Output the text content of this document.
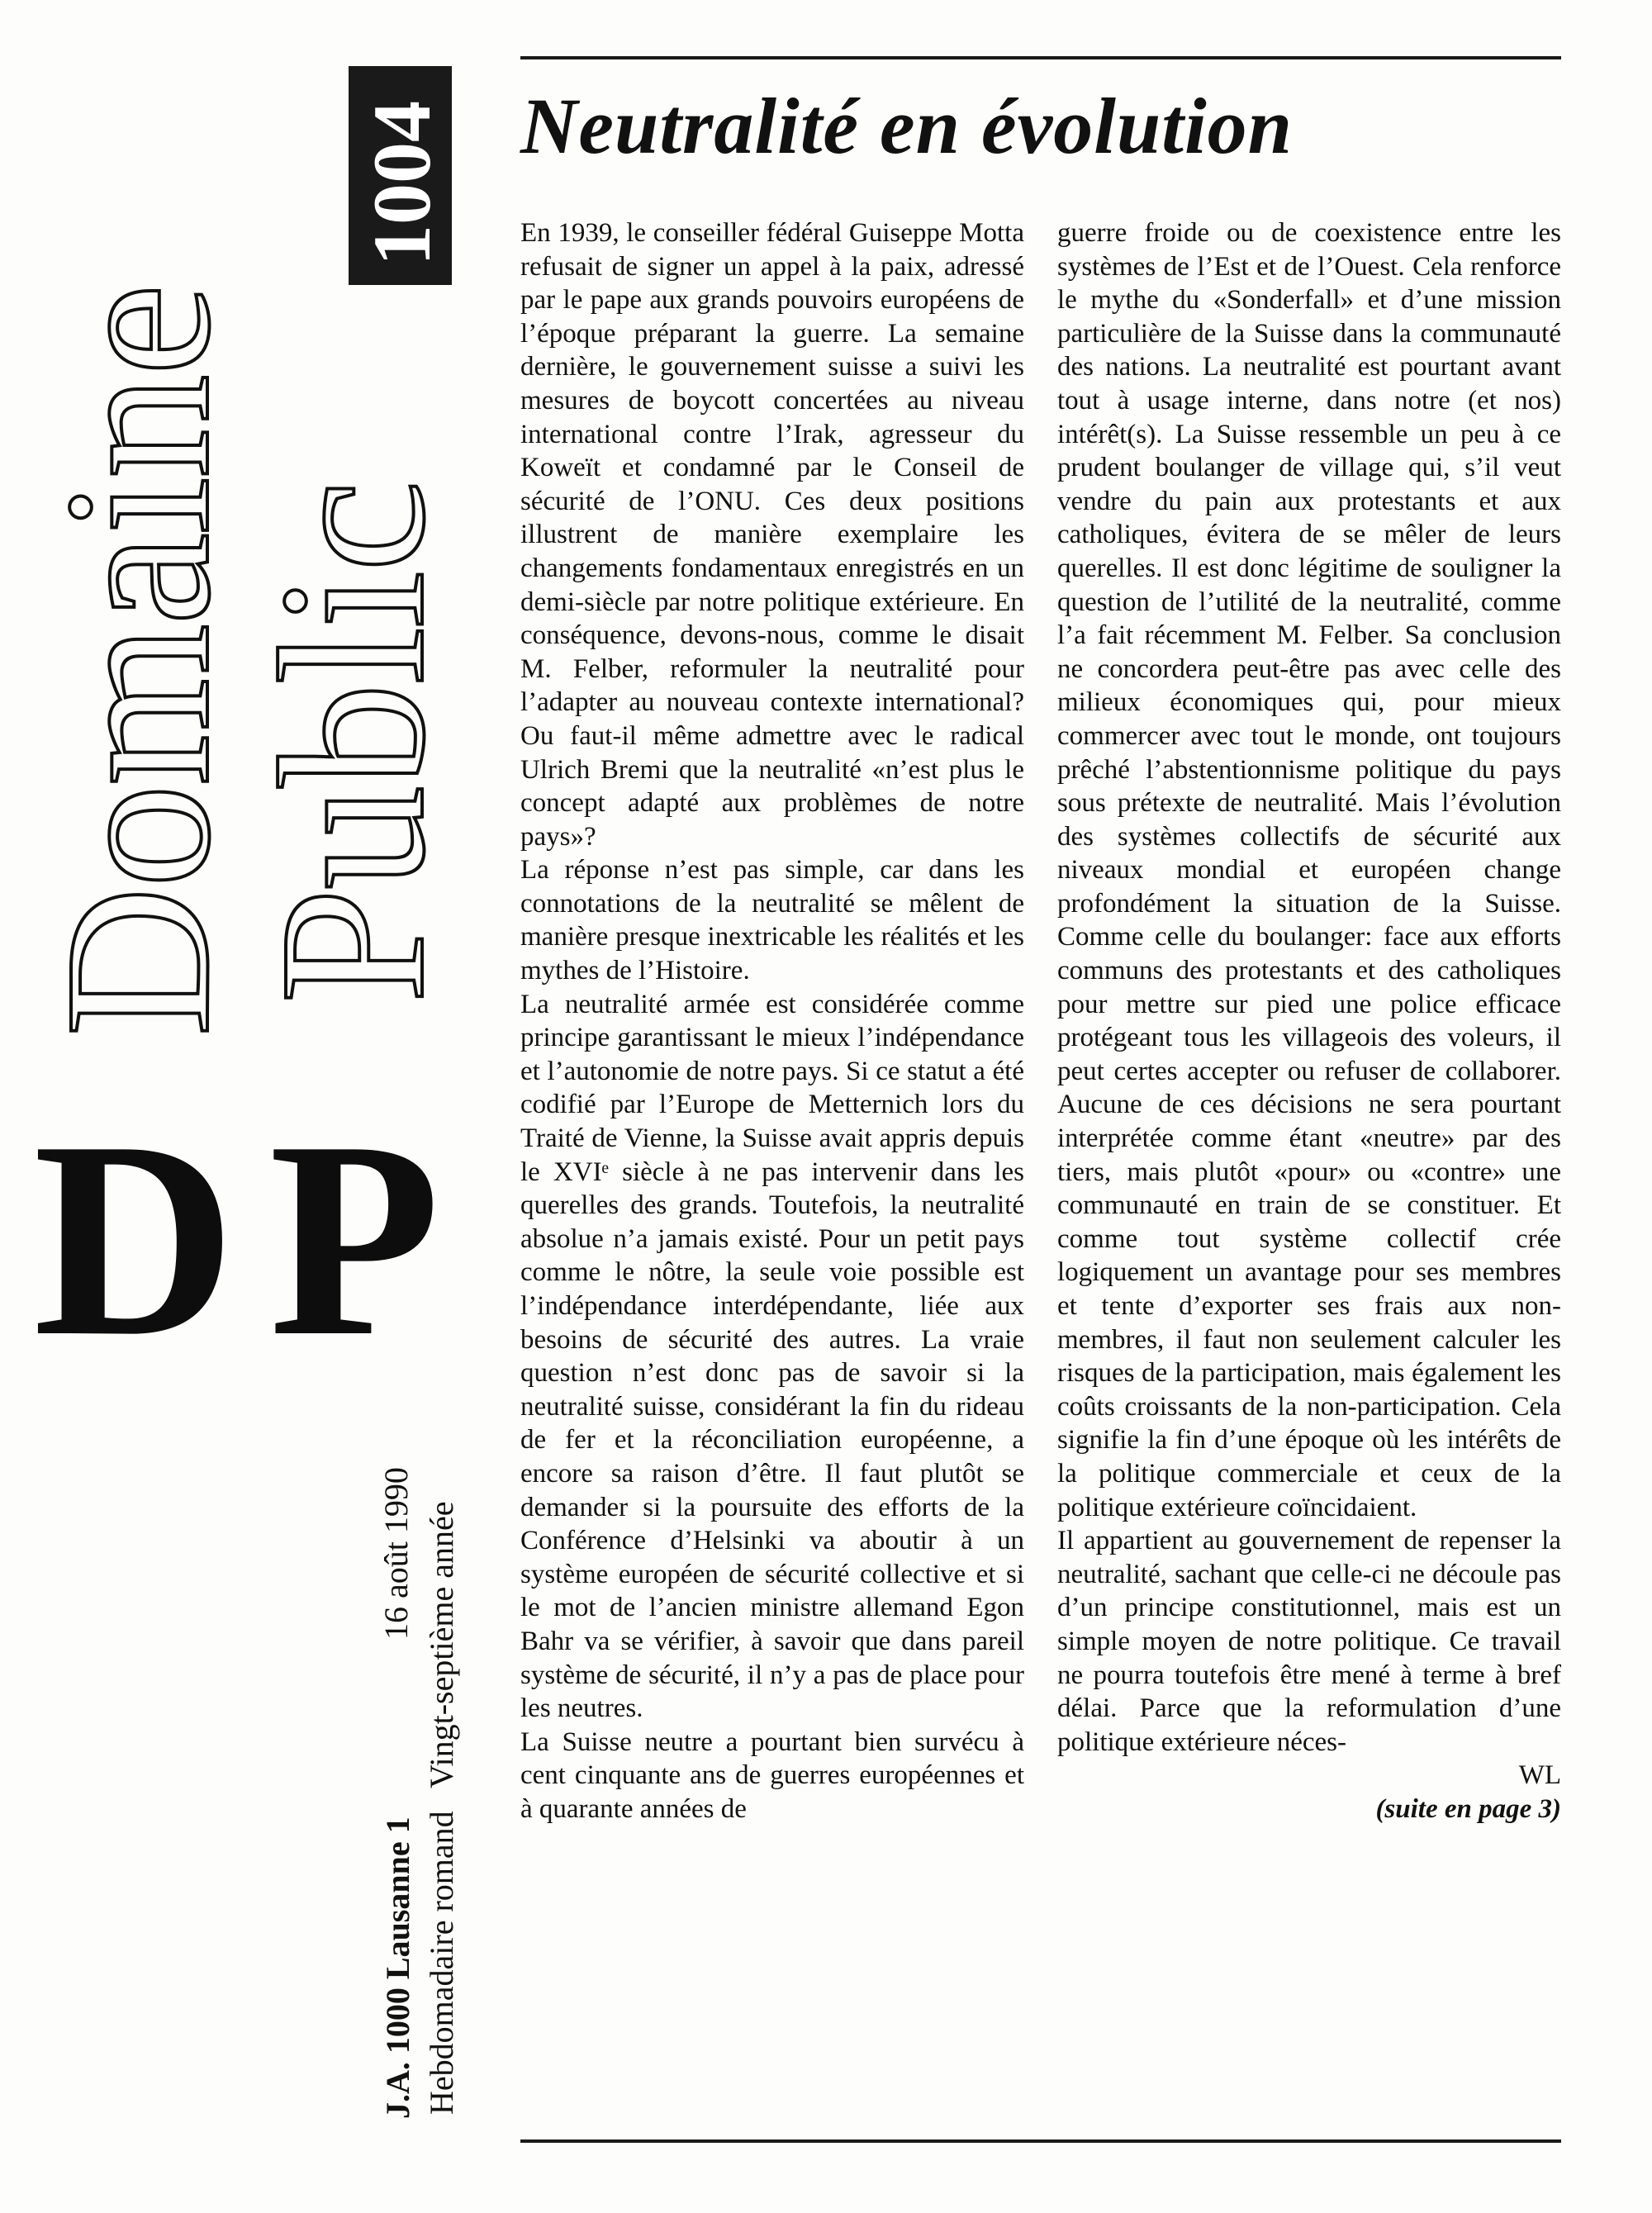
Domaine
Public
1004
DP
J.A. 1000 Lausanne 1
16 août 1990
Hebdomadaire romand
Vingt-septième année
Neutralité en évolution

En 1939, le conseiller fédéral Guiseppe Motta refusait de signer un appel à la paix, adressé par le pape aux grands pouvoirs européens de l’époque préparant la guerre. La semaine dernière, le gouvernement suisse a suivi les mesures de boycott concertées au niveau international contre l’Irak, agresseur du Koweït et condamné par le Conseil de sécurité de l’ONU. Ces deux positions illustrent de manière exemplaire les changements fondamentaux enregistrés en un demi-siècle par notre politique extérieure. En conséquence, devons-nous, comme le disait M. Felber, reformuler la neutralité pour l’adapter au nouveau contexte international? Ou faut-il même admettre avec le radical Ulrich Bremi que la neutralité «n’est plus le concept adapté aux problèmes de notre pays»?

La réponse n’est pas simple, car dans les connotations de la neutralité se mêlent de manière presque inextricable les réalités et les mythes de l’Histoire.

La neutralité armée est considérée comme principe garantissant le mieux l’indépendance et l’autonomie de notre pays. Si ce statut a été codifié par l’Europe de Metternich lors du Traité de Vienne, la Suisse avait appris depuis le XVIᵉ siècle à ne pas intervenir dans les querelles des grands. Toutefois, la neutralité absolue n’a jamais existé. Pour un petit pays comme le nôtre, la seule voie possible est l’indépendance interdépendante, liée aux besoins de sécurité des autres. La vraie question n’est donc pas de savoir si la neutralité suisse, considérant la fin du rideau de fer et la réconciliation européenne, a encore sa raison d’être. Il faut plutôt se demander si la poursuite des efforts de la Conférence d’Helsinki va aboutir à un système européen de sécurité collective et si le mot de l’ancien ministre allemand Egon Bahr va se vérifier, à savoir que dans pareil système de sécurité, il n’y a pas de place pour les neutres.

La Suisse neutre a pourtant bien survécu à cent cinquante ans de guerres européennes et à quarante années de

guerre froide ou de coexistence entre les systèmes de l’Est et de l’Ouest. Cela renforce le mythe du «Sonderfall» et d’une mission particulière de la Suisse dans la communauté des nations. La neutralité est pourtant avant tout à usage interne, dans notre (et nos) intérêt(s). La Suisse ressemble un peu à ce prudent boulanger de village qui, s’il veut vendre du pain aux protestants et aux catholiques, évitera de se mêler de leurs querelles. Il est donc légitime de souligner la question de l’utilité de la neutralité, comme l’a fait récemment M. Felber. Sa conclusion ne concordera peut-être pas avec celle des milieux économiques qui, pour mieux commercer avec tout le monde, ont toujours prêché l’abstentionnisme politique du pays sous prétexte de neutralité. Mais l’évolution des systèmes collectifs de sécurité aux niveaux mondial et européen change profondément la situation de la Suisse. Comme celle du boulanger: face aux efforts communs des protestants et des catholiques pour mettre sur pied une police efficace protégeant tous les villageois des voleurs, il peut certes accepter ou refuser de collaborer. Aucune de ces décisions ne sera pourtant interprétée comme étant «neutre» par des tiers, mais plutôt «pour» ou «contre» une communauté en train de se constituer. Et comme tout système collectif crée logiquement un avantage pour ses membres et tente d’exporter ses frais aux non-membres, il faut non seulement calculer les risques de la participation, mais également les coûts croissants de la non-participation. Cela signifie la fin d’une époque où les intérêts de la politique commerciale et ceux de la politique extérieure coïncidaient.

Il appartient au gouvernement de repenser la neutralité, sachant que celle-ci ne découle pas d’un principe constitutionnel, mais est un simple moyen de notre politique. Ce travail ne pourra toutefois être mené à terme à bref délai. Parce que la reformulation d’une politique extérieure néces-

WL

(suite en page 3)
